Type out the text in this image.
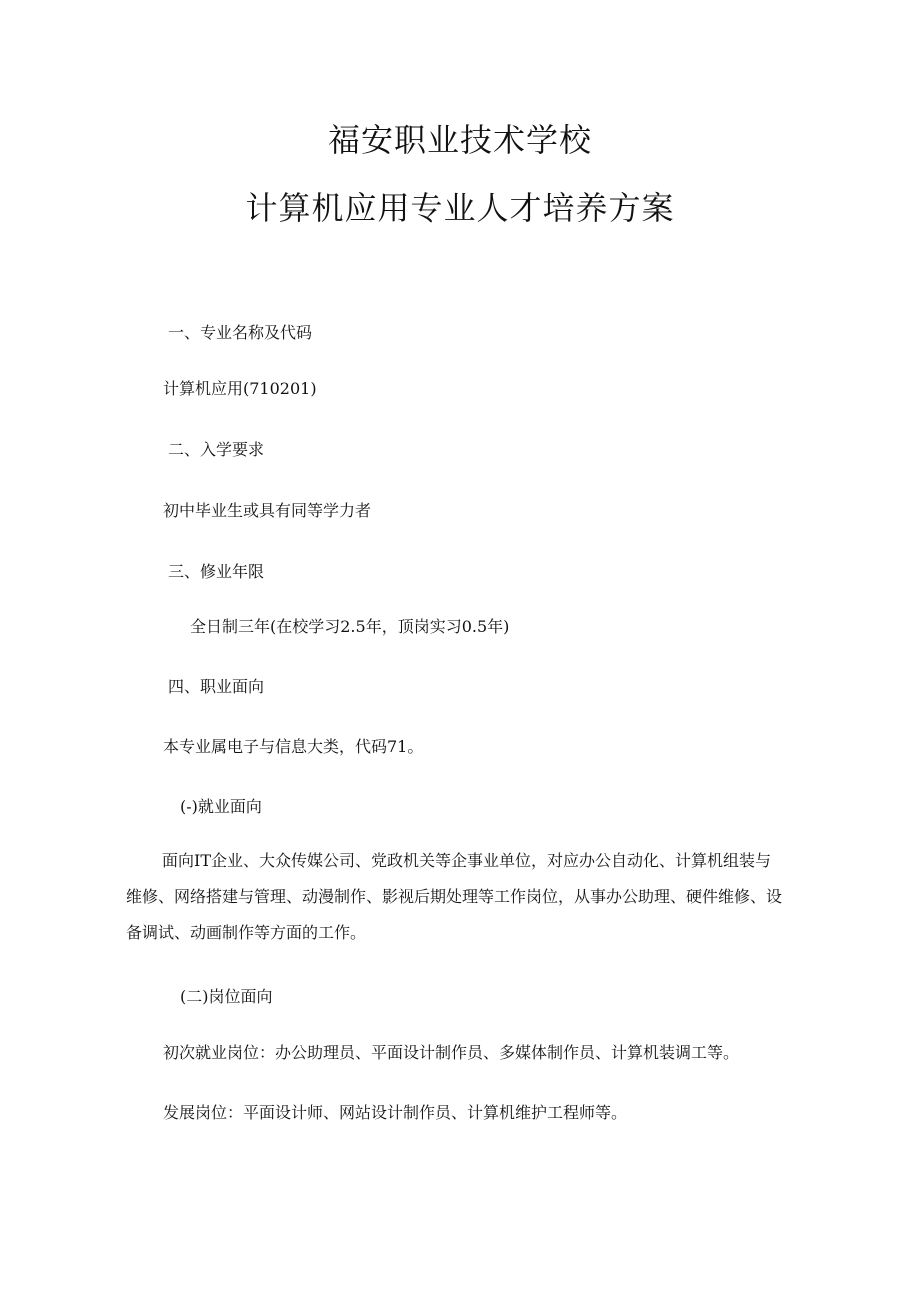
福安职业技术学校
计算机应用专业人才培养方案
一、专业名称及代码
计算机应用(710201)
二、入学要求
初中毕业生或具有同等学力者
三、修业年限
全日制三年(在校学习2.5年，顶岗实习0.5年)
四、职业面向
本专业属电子与信息大类，代码71。
(-)就业面向
面向IT企业、大众传媒公司、党政机关等企事业单位，对应办公自动化、计算机组装与维修、网络搭建与管理、动漫制作、影视后期处理等工作岗位，从事办公助理、硬件维修、设备调试、动画制作等方面的工作。
(二)岗位面向
初次就业岗位：办公助理员、平面设计制作员、多媒体制作员、计算机装调工等。
发展岗位：平面设计师、网站设计制作员、计算机维护工程师等。
